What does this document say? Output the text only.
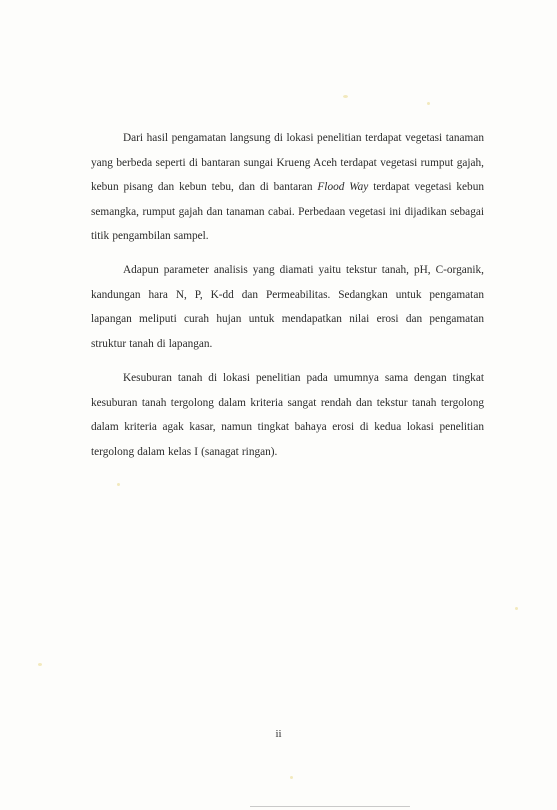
Dari hasil pengamatan langsung di lokasi penelitian terdapat vegetasi tanaman yang berbeda seperti di bantaran sungai Krueng Aceh terdapat vegetasi rumput gajah, kebun pisang dan kebun tebu, dan di bantaran Flood Way terdapat vegetasi kebun semangka, rumput gajah dan tanaman cabai. Perbedaan vegetasi ini dijadikan sebagai titik pengambilan sampel.

Adapun parameter analisis yang diamati yaitu tekstur tanah, pH, C-organik, kandungan hara N, P, K-dd dan Permeabilitas. Sedangkan untuk pengamatan lapangan meliputi curah hujan untuk mendapatkan nilai erosi dan pengamatan struktur tanah di lapangan.

Kesuburan tanah di lokasi penelitian pada umumnya sama dengan tingkat kesuburan tanah tergolong dalam kriteria sangat rendah dan tekstur tanah tergolong dalam kriteria agak kasar, namun tingkat bahaya erosi di kedua lokasi penelitian tergolong dalam kelas I (sanagat ringan).

ii
